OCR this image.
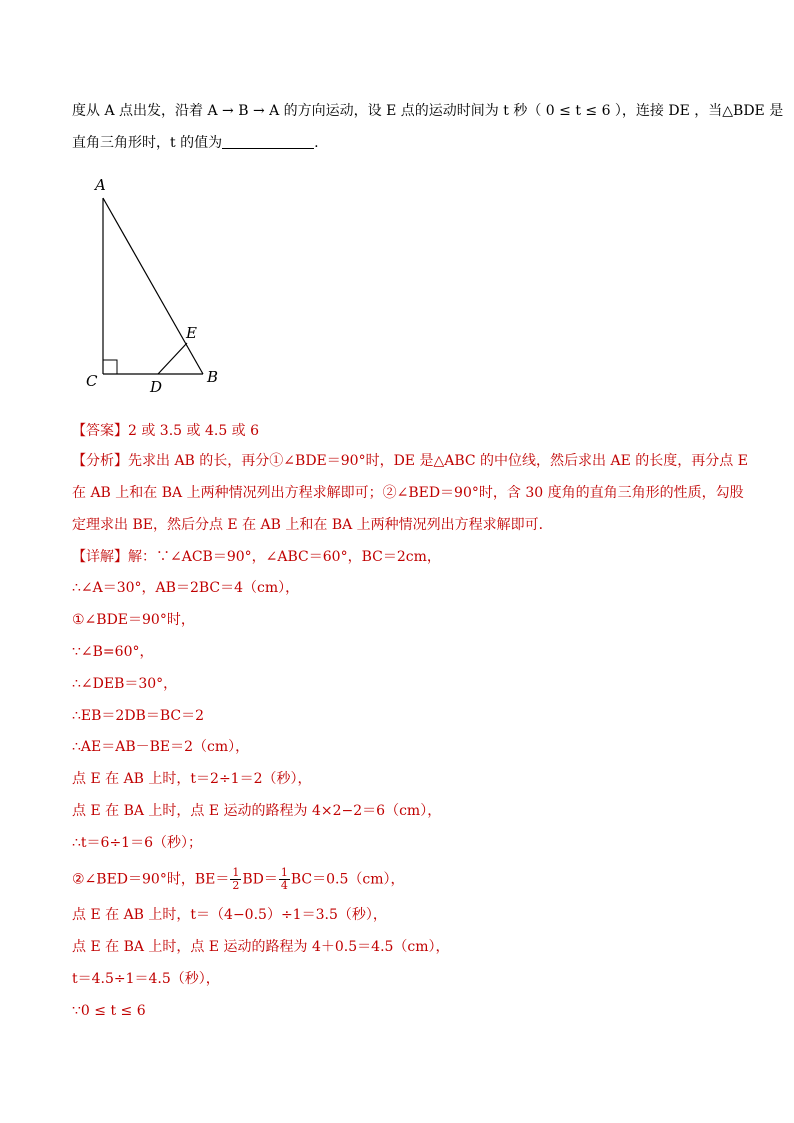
度从 A 点出发，沿着 A → B → A 的方向运动，设 E 点的运动时间为 t 秒（ 0 ≤ t ≤ 6 ），连接 DE ，当△BDE 是
直角三角形时，t 的值为	.
A
B
C	D
E
【答案】2 或 3.5 或 4.5 或 6
【分析】先求出 AB 的长，再分①∠BDE＝90°时，DE 是△ABC 的中位线，然后求出 AE 的长度，再分点 E
在 AB 上和在 BA 上两种情况列出方程求解即可；②∠BED＝90°时，含 30 度角的直角三角形的性质，勾股
定理求出 BE，然后分点 E 在 AB 上和在 BA 上两种情况列出方程求解即可．
【详解】解：∵∠ACB＝90°，∠ABC＝60°，BC＝2cm，
∴∠A＝30°，AB＝2BC＝4（cm），
①∠BDE＝90°时，
∵∠B=60°，
∴∠DEB＝30°，
∴EB＝2DB＝BC＝2
∴AE＝AB－BE＝2（cm），
点 E 在 AB 上时，t＝2÷1＝2（秒），
点 E 在 BA 上时，点 E 运动的路程为 4×2−2＝6（cm），
∴t＝6÷1＝6（秒）；
②∠BED＝90°时，$BE= \frac{1}{2} BD= \frac{1}{4} BC=0.5(cm)$，
点 E 在 AB 上时，t＝（4−0.5）÷1＝3.5（秒），
点 E 在 BA 上时，点 E 运动的路程为 4＋0.5＝4.5（cm），
t＝4.5÷1＝4.5（秒），
∵0 ≤ t ≤ 6
